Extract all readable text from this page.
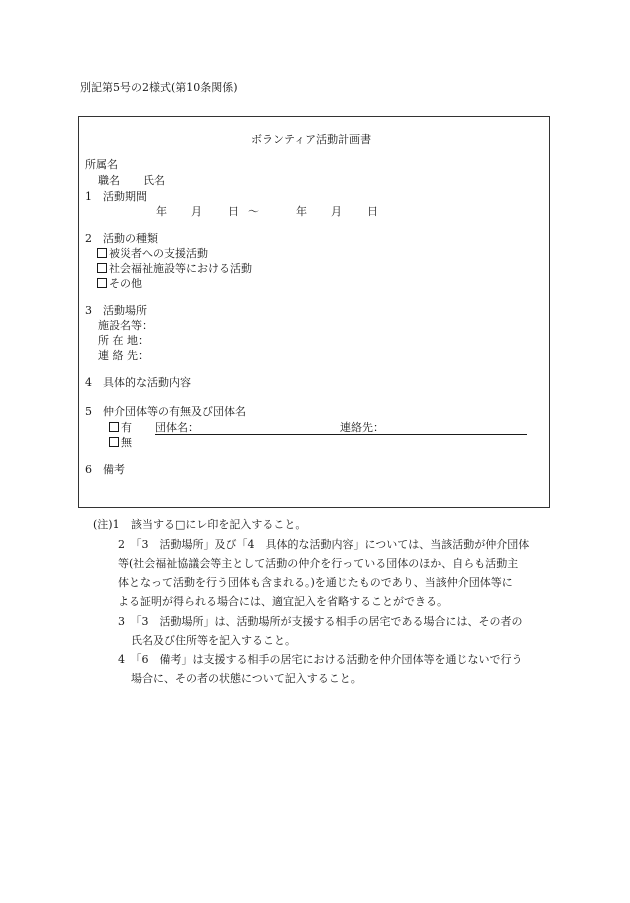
別記第5号の2様式(第10条関係)
ボランティア活動計画書
所属名
職名 氏名
1 活動期間
年 月 日 〜	年 月 日
2 活動の種類
被災者への支援活動
社会福祉施設等における活動
その他
3 活動場所
施設名等：
所 在 地：
連 絡 先：
4 具体的な活動内容
5 仲介団体等の有無及び団体名
有 団体名：	連絡先：
無
6 備考
(注)1 該当する□にレ印を記入すること。
2　「3　活動場所」及び「4　具体的な活動内容」については、当該活動が仲介団体
等(社会福祉協議会等主として活動の仲介を行っている団体のほか、自らも活動主
体となって活動を行う団体も含まれる。)を通じたものであり、当該仲介団体等に
よる証明が得られる場合には、適宜記入を省略することができる。
3　「3　活動場所」は、活動場所が支援する相手の居宅である場合には、その者の
氏名及び住所等を記入すること。
4　「6　備考」は支援する相手の居宅における活動を仲介団体等を通じないで行う
場合に、その者の状態について記入すること。
